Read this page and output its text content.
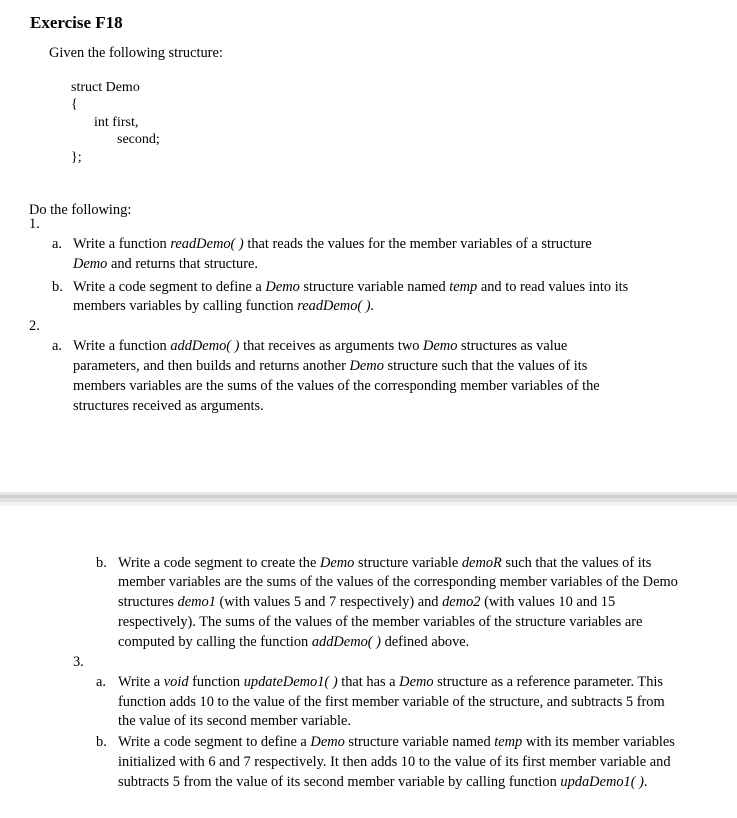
Exercise F18
Given the following structure:
struct Demo
{
int first,
second;
};
Do the following:
1.
a. Write a function readDemo( ) that reads the values for the member variables of a structure
Demo and returns that structure.
b. Write a code segment to define a Demo structure variable named temp and to read values into its
members variables by calling function readDemo( ).
2.
a. Write a function addDemo( ) that receives as arguments two Demo structures as value
parameters, and then builds and returns another Demo structure such that the values of its
members variables are the sums of the values of the corresponding member variables of the
structures received as arguments.
b. Write a code segment to create the Demo structure variable demoR such that the values of its
member variables are the sums of the values of the corresponding member variables of the Demo
structures demo1 (with values 5 and 7 respectively) and demo2 (with values 10 and 15
respectively). The sums of the values of the member variables of the structure variables are
computed by calling the function addDemo( ) defined above.
3.
a. Write a void function updateDemo1( ) that has a Demo structure as a reference parameter. This
function adds 10 to the value of the first member variable of the structure, and subtracts 5 from
the value of its second member variable.
b. Write a code segment to define a Demo structure variable named temp with its member variables
initialized with 6 and 7 respectively. It then adds 10 to the value of its first member variable and
subtracts 5 from the value of its second member variable by calling function updaDemo1( ).
